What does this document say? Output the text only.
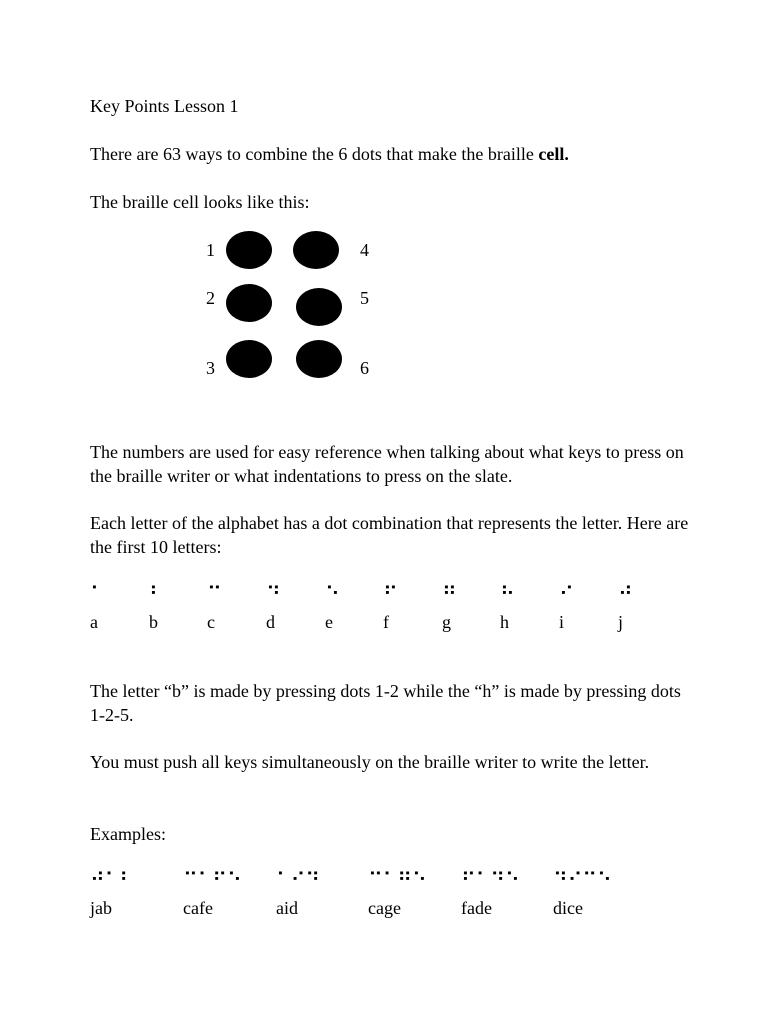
Key Points Lesson 1

There are 63 ways to combine the 6 dots that make the braille cell.

The braille cell looks like this:

1
2
3
4
5
6

The numbers are used for easy reference when talking about what keys to press on the braille writer or what indentations to press on the slate.

Each letter of the alphabet has a dot combination that represents the letter. Here are the first 10 letters:

⠁
a
⠃
b
⠉
c
⠙
d
⠑
e
⠋
f
⠛
g
⠓
h
⠊
i
⠚
j

The letter “b” is made by pressing dots 1-2 while the “h” is made by pressing dots 1-2-5.

You must push all keys simultaneously on the braille writer to write the letter.

Examples:

⠚⠁⠃
jab
⠉⠁⠋⠑
cafe
⠁⠊⠙
aid
⠉⠁⠛⠑
cage
⠋⠁⠙⠑
fade
⠙⠊⠉⠑
dice
